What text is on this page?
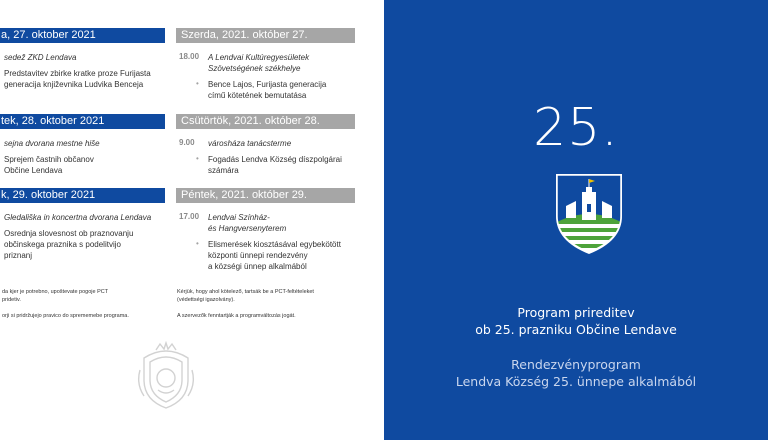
a, 27. oktober 2021
sedež ZKD Lendava
Predstavitev zbirke kratke proze Furijasta
generacija književnika Ludvika Benceja
tek, 28. oktober 2021
sejna dvorana mestne hiše
Sprejem častnih občanov
Občine Lendava
k, 29. oktober 2021
Gledališka in koncertna dvorana Lendava
Osrednja slovesnost ob praznovanju
občinskega praznika s podelitvijo
priznanj
da kjer je potrebno, upoštevate pogoje PCT
pridetiv.
orji si pridržujejo pravico do sprememebe programa.
Szerda, 2021. október 27.
18.00 A Lendvai Kultúregyesületek
Szövetségének székhelye
• Bence Lajos, Furijasta generacija
című kötetének bemutatása
Csütörtök, 2021. október 28.
9.00 városháza tanácsterme
• Fogadás Lendva Község díszpolgárai
számára
Péntek, 2021. október 29.
17.00 Lendvai Színház-
és Hangversenyterem
• Elismerések kiosztásával egybekötött
központi ünnepi rendezvény
a községi ünnep alkalmából
Kérjük, hogy ahol kötelező, tartsák be a PCT-feltételeket
(védettségi igazolvány).
A szervezők fenntartják a programváltozás jogát.
25.
Program prireditev
ob 25. prazniku Občine Lendave
Rendezvényprogram
Lendva Község 25. ünnepe alkalmából
